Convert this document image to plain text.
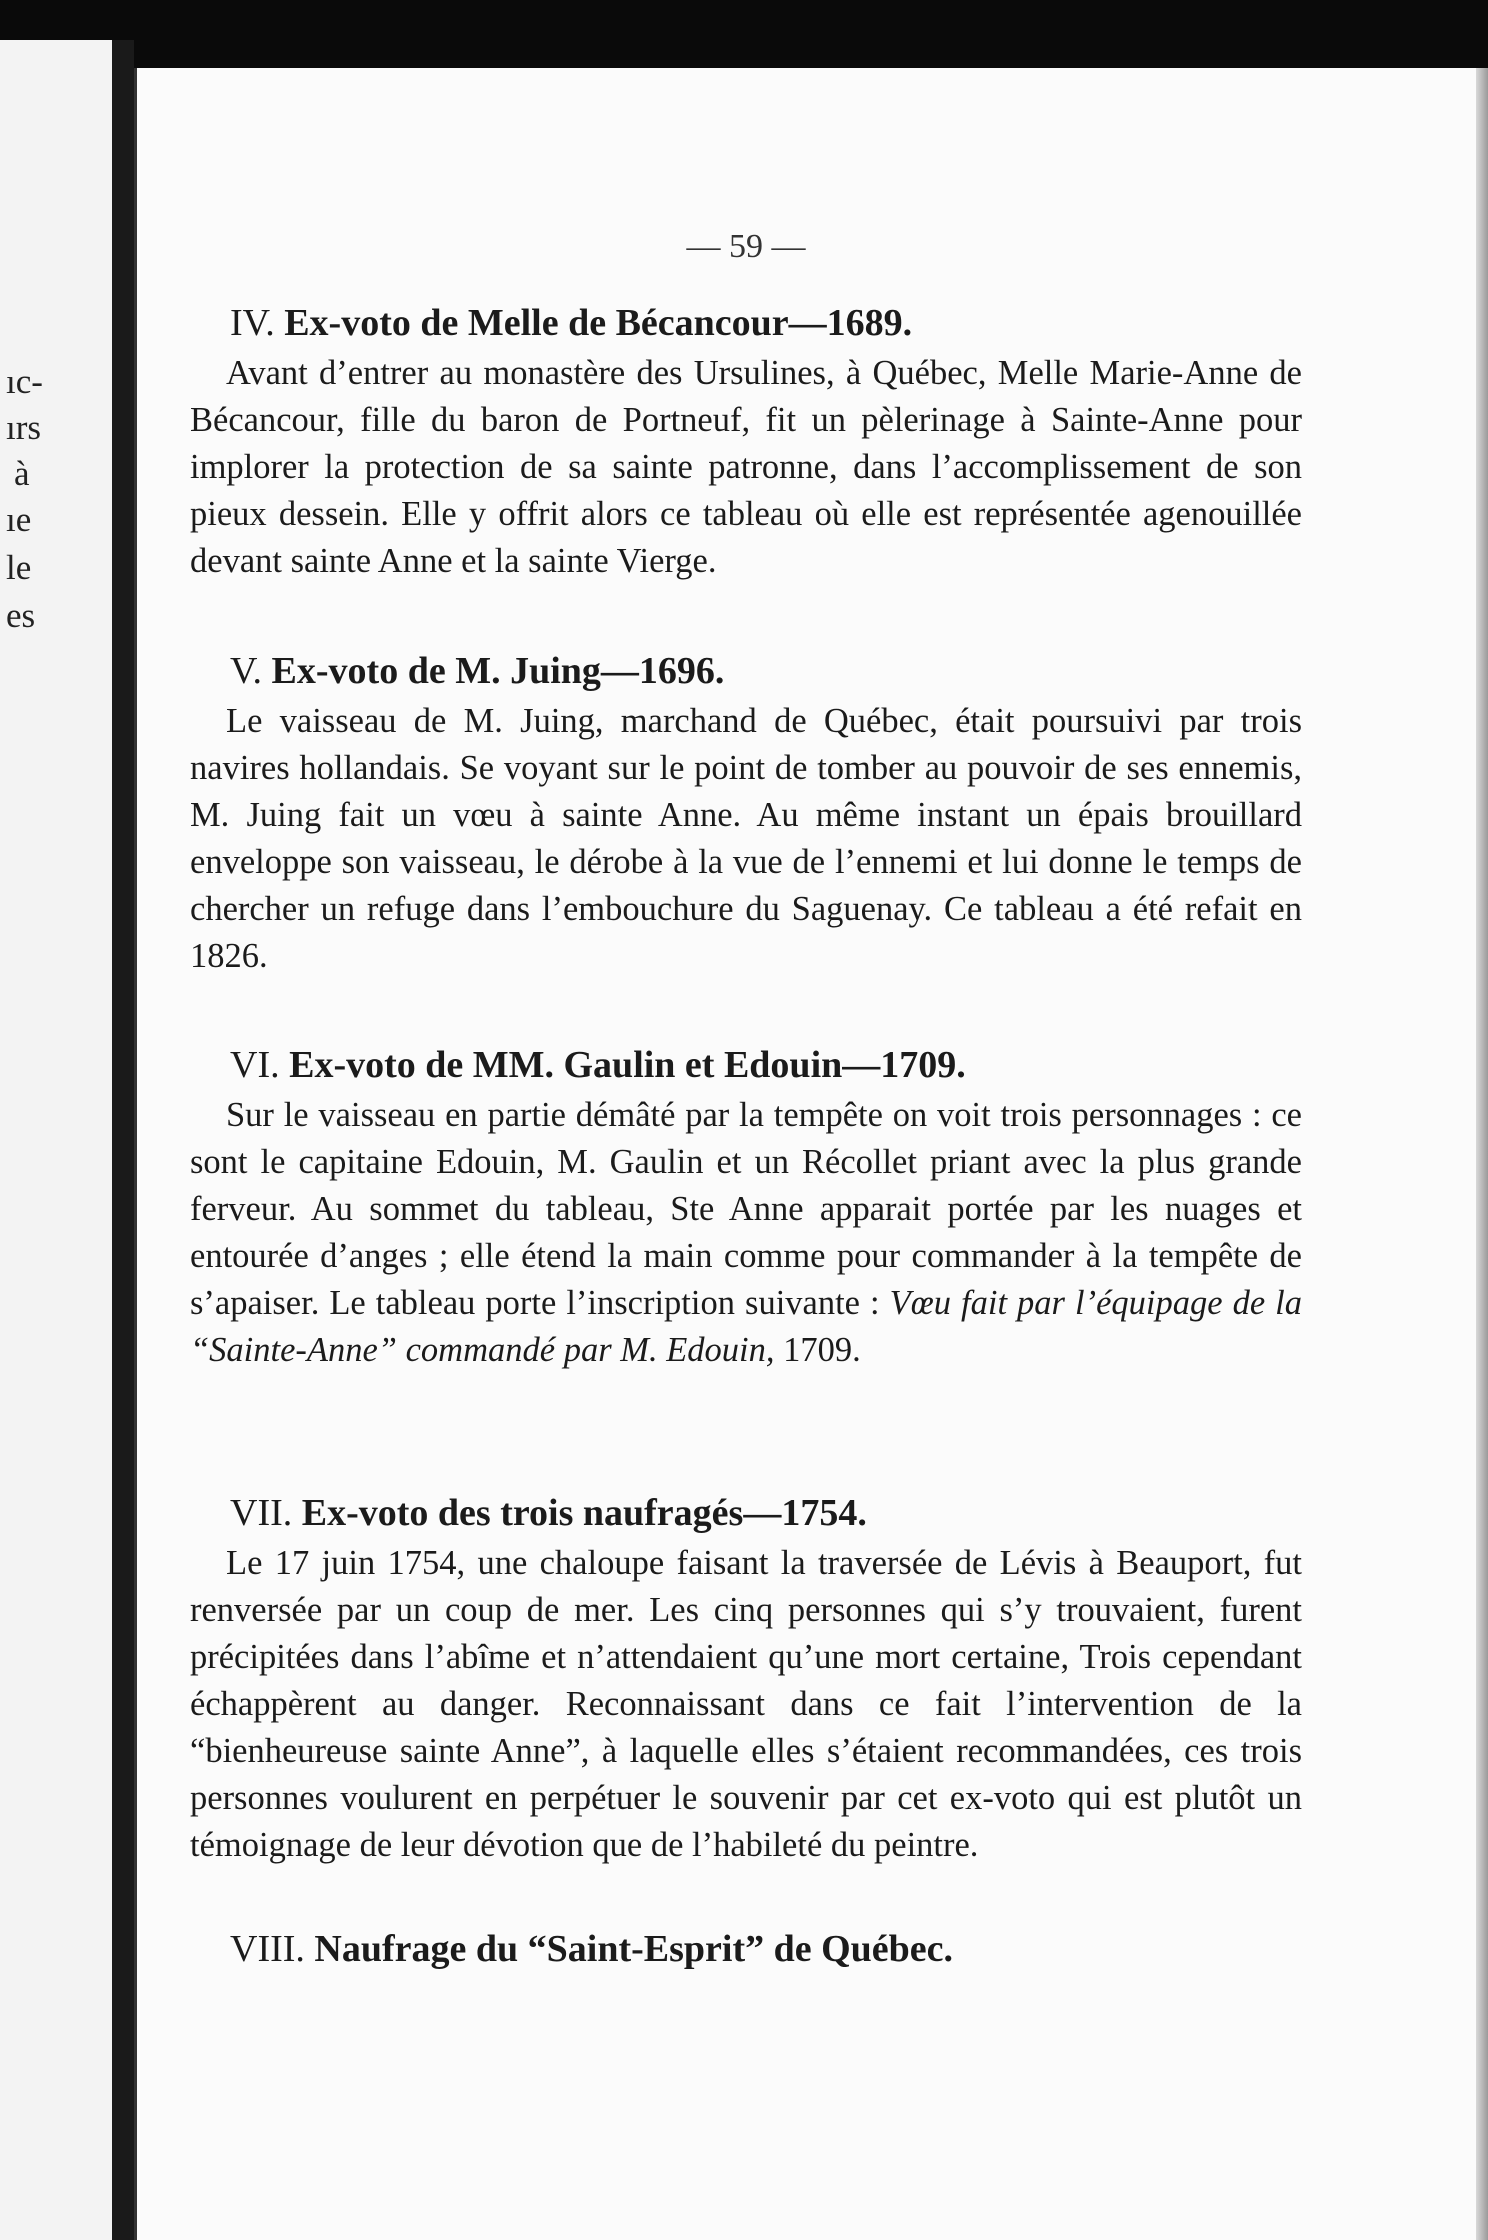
ıc-
ırs
à
ıe
le
es
— 59 —
IV. Ex-voto de Melle de Bécancour—1689.

Avant d’entrer au monastère des Ursulines, à Québec, Melle Marie-Anne de Bécancour, fille du baron de Portneuf, fit un pèlerinage à Sainte-Anne pour implorer la protection de sa sainte patronne, dans l’accomplissement de son pieux dessein. Elle y offrit alors ce tableau où elle est représentée agenouillée devant sainte Anne et la sainte Vierge.

V. Ex-voto de M. Juing—1696.

Le vaisseau de M. Juing, marchand de Québec, était poursuivi par trois navires hollandais. Se voyant sur le point de tomber au pouvoir de ses ennemis, M. Juing fait un vœu à sainte Anne. Au même instant un épais brouillard enveloppe son vaisseau, le dérobe à la vue de l’ennemi et lui donne le temps de chercher un refuge dans l’embouchure du Saguenay. Ce tableau a été refait en 1826.

VI. Ex-voto de MM. Gaulin et Edouin—1709.

Sur le vaisseau en partie démâté par la tempête on voit trois personnages : ce sont le capitaine Edouin, M. Gaulin et un Récollet priant avec la plus grande ferveur. Au sommet du tableau, Ste Anne apparait portée par les nuages et entourée d’anges ; elle étend la main comme pour commander à la tempête de s’apaiser. Le tableau porte l’inscription suivante : Vœu fait par l’équipage de la “Sainte-Anne” commandé par M. Edouin, 1709.

VII. Ex-voto des trois naufragés—1754.

Le 17 juin 1754, une chaloupe faisant la traversée de Lévis à Beauport, fut renversée par un coup de mer. Les cinq personnes qui s’y trouvaient, furent précipitées dans l’abîme et n’attendaient qu’une mort certaine, Trois cependant échappèrent au danger. Reconnaissant dans ce fait l’intervention de la “bienheureuse sainte Anne”, à laquelle elles s’étaient recommandées, ces trois personnes voulurent en perpétuer le souvenir par cet ex-voto qui est plutôt un témoignage de leur dévotion que de l’habileté du peintre.

VIII. Naufrage du “Saint-Esprit” de Québec.
